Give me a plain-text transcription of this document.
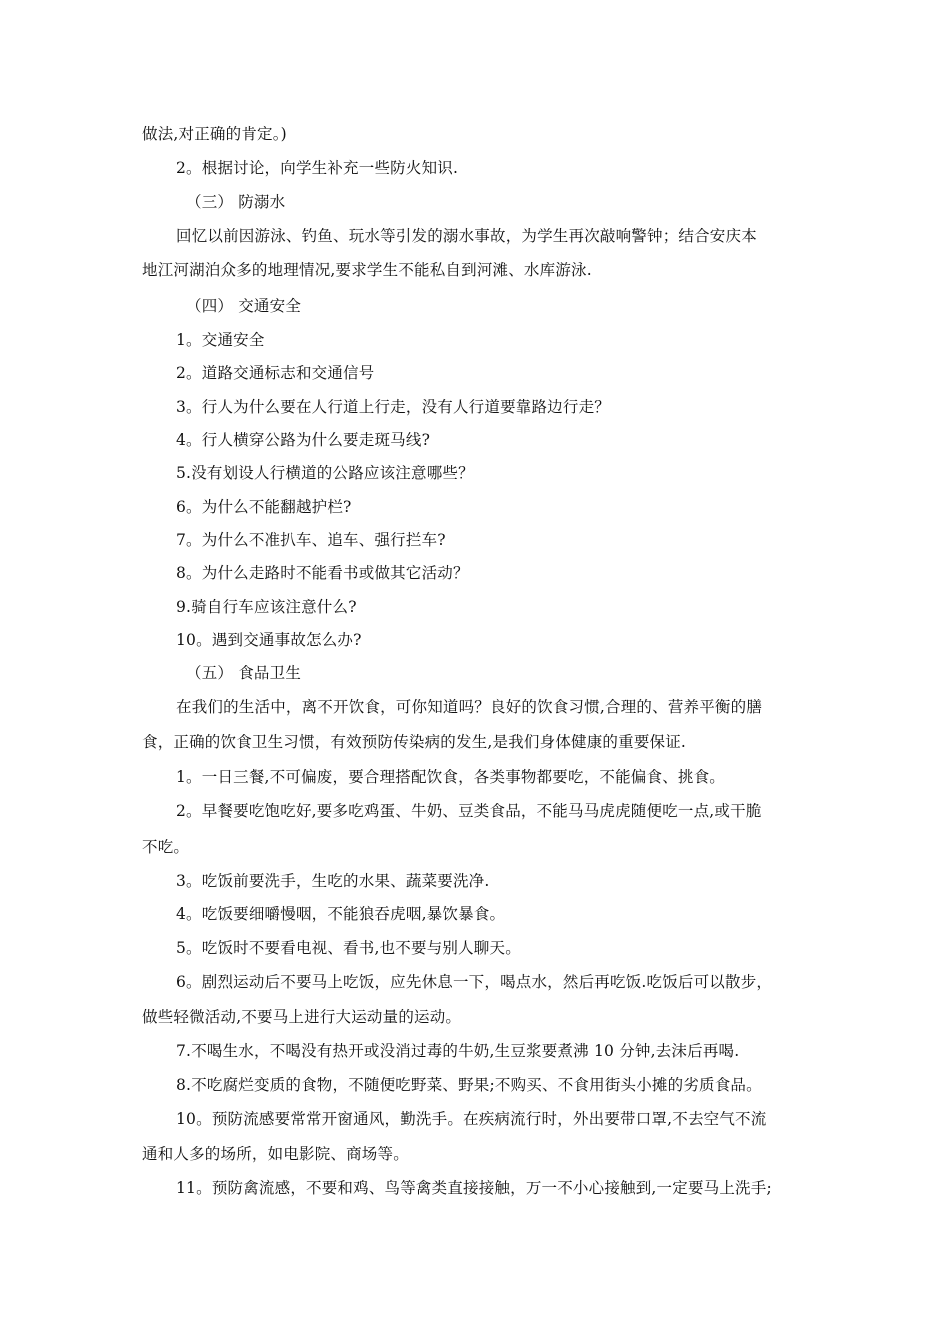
做法,对正确的肯定。)
2。根据讨论，向学生补充一些防火知识.
（三） 防溺水
回忆以前因游泳、钓鱼、玩水等引发的溺水事故，为学生再次敲响警钟；结合安庆本
地江河湖泊众多的地理情况,要求学生不能私自到河滩、水库游泳.
（四） 交通安全
1。交通安全
2。道路交通标志和交通信号
3。行人为什么要在人行道上行走，没有人行道要靠路边行走？
4。行人横穿公路为什么要走斑马线?
5.没有划设人行横道的公路应该注意哪些？
6。为什么不能翻越护栏?
7。为什么不准扒车、追车、强行拦车?
8。为什么走路时不能看书或做其它活动？
9.骑自行车应该注意什么?
10。遇到交通事故怎么办?
（五） 食品卫生
在我们的生活中，离不开饮食，可你知道吗？良好的饮食习惯,合理的、营养平衡的膳
食，正确的饮食卫生习惯，有效预防传染病的发生,是我们身体健康的重要保证.
1。一日三餐,不可偏废，要合理搭配饮食，各类事物都要吃，不能偏食、挑食。
2。早餐要吃饱吃好,要多吃鸡蛋、牛奶、豆类食品，不能马马虎虎随便吃一点,或干脆
不吃。
3。吃饭前要洗手，生吃的水果、蔬菜要洗净.
4。吃饭要细嚼慢咽，不能狼吞虎咽,暴饮暴食。
5。吃饭时不要看电视、看书,也不要与别人聊天。
6。剧烈运动后不要马上吃饭，应先休息一下，喝点水，然后再吃饭.吃饭后可以散步，
做些轻微活动,不要马上进行大运动量的运动。
7.不喝生水，不喝没有热开或没消过毒的牛奶,生豆浆要煮沸 10 分钟,去沫后再喝.
8.不吃腐烂变质的食物，不随便吃野菜、野果;不购买、不食用街头小摊的劣质食品。
10。预防流感要常常开窗通风，勤洗手。在疾病流行时，外出要带口罩,不去空气不流
通和人多的场所，如电影院、商场等。
11。预防禽流感，不要和鸡、鸟等禽类直接接触，万一不小心接触到,一定要马上洗手;
